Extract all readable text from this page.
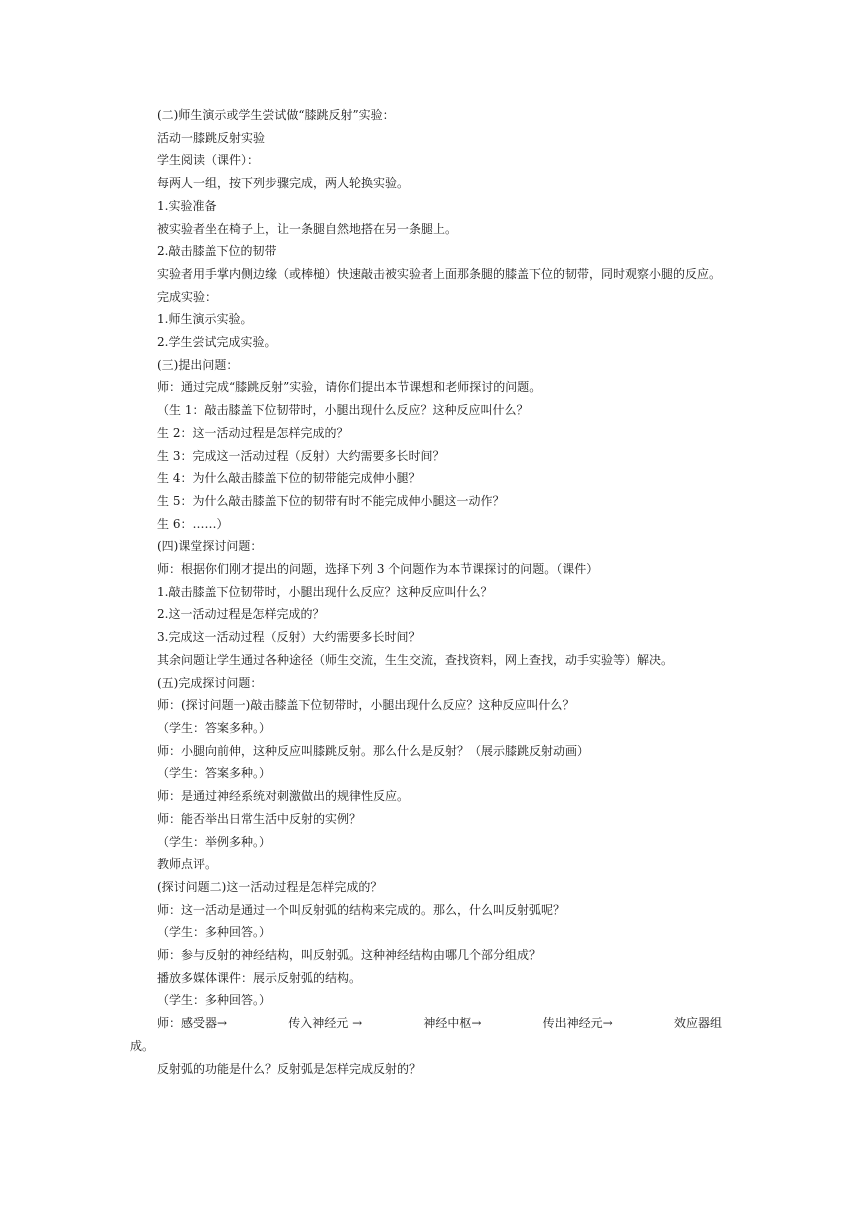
(二)师生演示或学生尝试做“膝跳反射”实验：
活动一膝跳反射实验
学生阅读（课件）：
每两人一组，按下列步骤完成，两人轮换实验。
1.实验准备
被实验者坐在椅子上，让一条腿自然地搭在另一条腿上。
2.敲击膝盖下位的韧带
实验者用手掌内侧边缘（或棒槌）快速敲击被实验者上面那条腿的膝盖下位的韧带，同时观察小腿的反应。
完成实验：
1.师生演示实验。
2.学生尝试完成实验。
(三)提出问题：
师：通过完成“膝跳反射”实验，请你们提出本节课想和老师探讨的问题。
（生 1：敲击膝盖下位韧带时，小腿出现什么反应？这种反应叫什么？
生 2：这一活动过程是怎样完成的？
生 3：完成这一活动过程（反射）大约需要多长时间？
生 4：为什么敲击膝盖下位的韧带能完成伸小腿？
生 5：为什么敲击膝盖下位的韧带有时不能完成伸小腿这一动作？
生 6：……）
(四)课堂探讨问题：
师：根据你们刚才提出的问题，选择下列 3 个问题作为本节课探讨的问题。（课件）
1.敲击膝盖下位韧带时，小腿出现什么反应？这种反应叫什么？
2.这一活动过程是怎样完成的？
3.完成这一活动过程（反射）大约需要多长时间？
其余问题让学生通过各种途径（师生交流，生生交流，查找资料，网上查找，动手实验等）解决。
(五)完成探讨问题：
师：(探讨问题一)敲击膝盖下位韧带时，小腿出现什么反应？这种反应叫什么？
（学生：答案多种。）
师：小腿向前伸，这种反应叫膝跳反射。那么什么是反射？（展示膝跳反射动画）
（学生：答案多种。）
师：是通过神经系统对刺激做出的规律性反应。
师：能否举出日常生活中反射的实例？
（学生：举例多种。）
教师点评。
(探讨问题二)这一活动过程是怎样完成的？
师：这一活动是通过一个叫反射弧的结构来完成的。那么，什么叫反射弧呢？
（学生：多种回答。）
师：参与反射的神经结构，叫反射弧。这种神经结构由哪几个部分组成？
播放多媒体课件：展示反射弧的结构。
（学生：多种回答。）
师：感受器→	传入神经元 →	神经中枢→	传出神经元→	效应器组
成。
反射弧的功能是什么？反射弧是怎样完成反射的？
